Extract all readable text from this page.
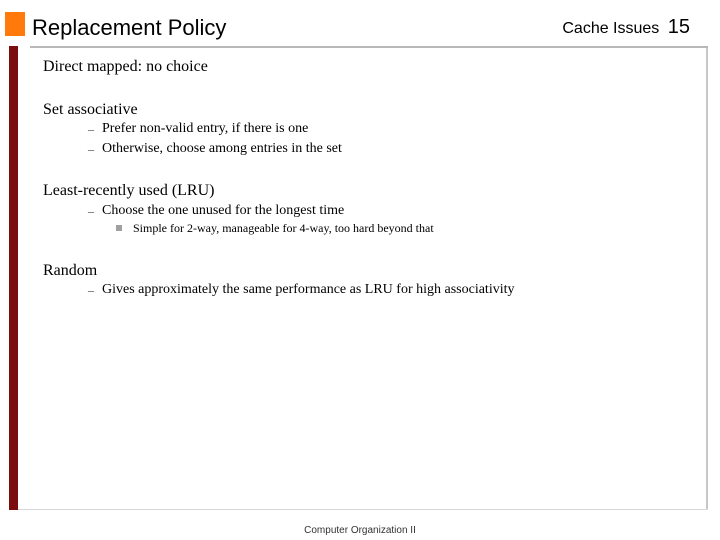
Replacement Policy	Cache Issues 15
Direct mapped: no choice
Set associative
– Prefer non-valid entry, if there is one
– Otherwise, choose among entries in the set
Least-recently used (LRU)
– Choose the one unused for the longest time
Simple for 2-way, manageable for 4-way, too hard beyond that
Random
– Gives approximately the same performance as LRU for high associativity
Computer Organization II
